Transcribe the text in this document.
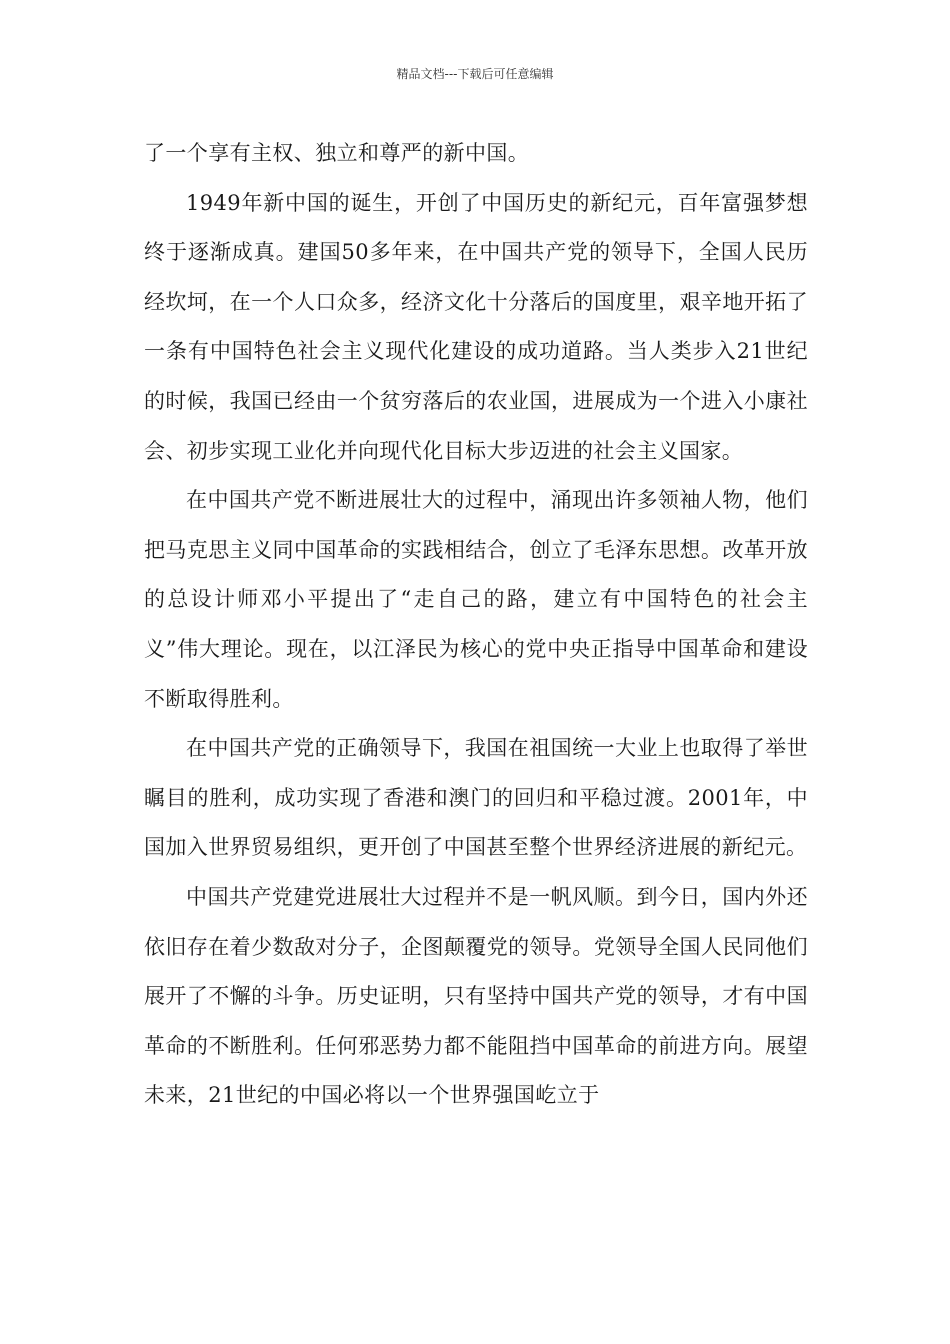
精品文档---下载后可任意编辑

了一个享有主权、独立和尊严的新中国。

1949年新中国的诞生，开创了中国历史的新纪元，百年富强梦想终于逐渐成真。建国50多年来，在中国共产党的领导下，全国人民历经坎坷，在一个人口众多，经济文化十分落后的国度里，艰辛地开拓了一条有中国特色社会主义现代化建设的成功道路。当人类步入21世纪的时候，我国已经由一个贫穷落后的农业国，进展成为一个进入小康社会、初步实现工业化并向现代化目标大步迈进的社会主义国家。

在中国共产党不断进展壮大的过程中，涌现出许多领袖人物，他们把马克思主义同中国革命的实践相结合，创立了毛泽东思想。改革开放的总设计师邓小平提出了“走自己的路，建立有中国特色的社会主义”伟大理论。现在，以江泽民为核心的党中央正指导中国革命和建设不断取得胜利。

在中国共产党的正确领导下，我国在祖国统一大业上也取得了举世瞩目的胜利，成功实现了香港和澳门的回归和平稳过渡。2001年，中国加入世界贸易组织，更开创了中国甚至整个世界经济进展的新纪元。

中国共产党建党进展壮大过程并不是一帆风顺。到今日，国内外还依旧存在着少数敌对分子，企图颠覆党的领导。党领导全国人民同他们展开了不懈的斗争。历史证明，只有坚持中国共产党的领导，才有中国革命的不断胜利。任何邪恶势力都不能阻挡中国革命的前进方向。展望未来，21世纪的中国必将以一个世界强国屹立于
